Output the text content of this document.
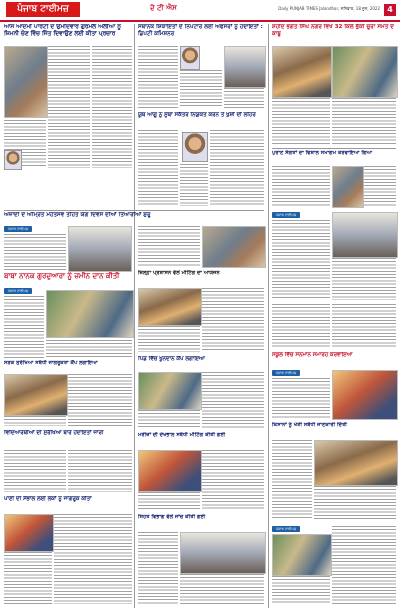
ਪੰਜਾਬ ਟਾਈਮਜ਼	ਦੇ ਟੀ ਐਸ	Daily PUNJAB TIMES Jalandhar, ਸ਼ਨਿਵਾਰ, 18 ਜੂਨ, 2022 4
ਆਸ ਆਦਮੀ ਪਾਰਟੀ ਦੇ ਉਮੀਦਵਾਰ ਗੁਰਮੇਲ ਅਲੀਆ ਨੂੰ ਜ਼ਿਮਨੀ ਚੋਣ ਵਿੱਚ ਜਿੱਤ ਦਿਵਾਉਣ ਲਈ ਕੀਤਾ ਪ੍ਰਚਾਰ
ਅਜ਼ਾਦੀ ਦੇ ਅੰਮ੍ਰਿਤ ਮਹੋਤਸਵ ਤਹਿਤ ਯੋਗ ਦਿਵਸ ਦੀਆਂ ਤਿਆਰੀਆਂ ਸ਼ੁਰੂ
ਪੰਜਾਬ ਟਾਈਮਜ਼
ਬਾਬਾ ਨਾਨਕ ਗੁਰਦੁਆਰਾ ਨੂੰ ਜ਼ਮੀਨ ਦਾਨ ਕੀਤੀ
ਪੰਜਾਬ ਟਾਈਮਜ਼
ਸੜਕ ਸੁਰੱਖਿਆ ਸਬੰਧੀ ਜਾਗਰੂਕਤਾ ਕੈਂਪ ਲਗਾਇਆ
ਵਿਦਿਆਰਥੀਆਂ ਦੀ ਸੁਰੱਖਿਆ ਬਾਰੇ ਹਦਾਇਤਾਂ ਜਾਰੀ
ਪਾਣੀ ਦੀ ਸੰਭਾਲ ਲਈ ਲੋਕਾਂ ਨੂੰ ਜਾਗਰੂਕ ਕੀਤਾ
ਸਥਾਨਕ ਸ਼ਿਕਾਇਤਾਂ ਦੇ ਨਿਪਟਾਰੇ ਲਈ ਅਫਸਰਾਂ ਨੂੰ ਹਦਾਇਤਾਂ : ਡਿਪਟੀ ਕਮਿਸ਼ਨਰ
ਯੂਥ ਆਗੂ ਨੂੰ ਸੂਬਾ ਸਕੱਤਰ ਨਿਯੁਕਤ ਕਰਨ ਤੇ ਖੁਸ਼ੀ ਦੀ ਲਹਿਰ
ਜ਼ਿਲ੍ਹਾ ਪ੍ਰਸ਼ਾਸਨ ਵੱਲੋਂ ਮੀਟਿੰਗ ਦਾ ਆਯੋਜਨ
ਪਿੰਡ ਵਿੱਚ ਖੂਨਦਾਨ ਕੈਂਪ ਲਗਾਇਆ
ਮਰੀਜ਼ਾਂ ਦੀ ਦੇਖਭਾਲ ਸਬੰਧੀ ਮੀਟਿੰਗ ਕੀਤੀ ਗਈ
ਸਿਹਤ ਵਿਭਾਗ ਵੱਲੋਂ ਜਾਂਚ ਕੀਤੀ ਗਈ
ਸ਼ਹੀਦ ਭਗਤ ਸਿੰਘ ਨਗਰ ਵਿਖੇ 32 ਕਿਲੋ ਭੁੱਕੀ ਚੂਰਾ ਸਮੇਤ ਦੋ ਕਾਬੂ
ਪੁਰਾਣ ਸੰਗਤਾਂ ਦਾ ਵਿਸ਼ਾਲ ਸਮਾਗਮ ਕਰਵਾਇਆ ਗਿਆ
ਪੰਜਾਬ ਟਾਈਮਜ਼
ਸਕੂਲ ਵਿੱਚ ਸਨਮਾਨ ਸਮਾਰੋਹ ਕਰਵਾਇਆ
ਪੰਜਾਬ ਟਾਈਮਜ਼
ਕਿਸਾਨਾਂ ਨੂੰ ਖੇਤੀ ਸਬੰਧੀ ਜਾਣਕਾਰੀ ਦਿੱਤੀ
ਪੰਜਾਬ ਟਾਈਮਜ਼
